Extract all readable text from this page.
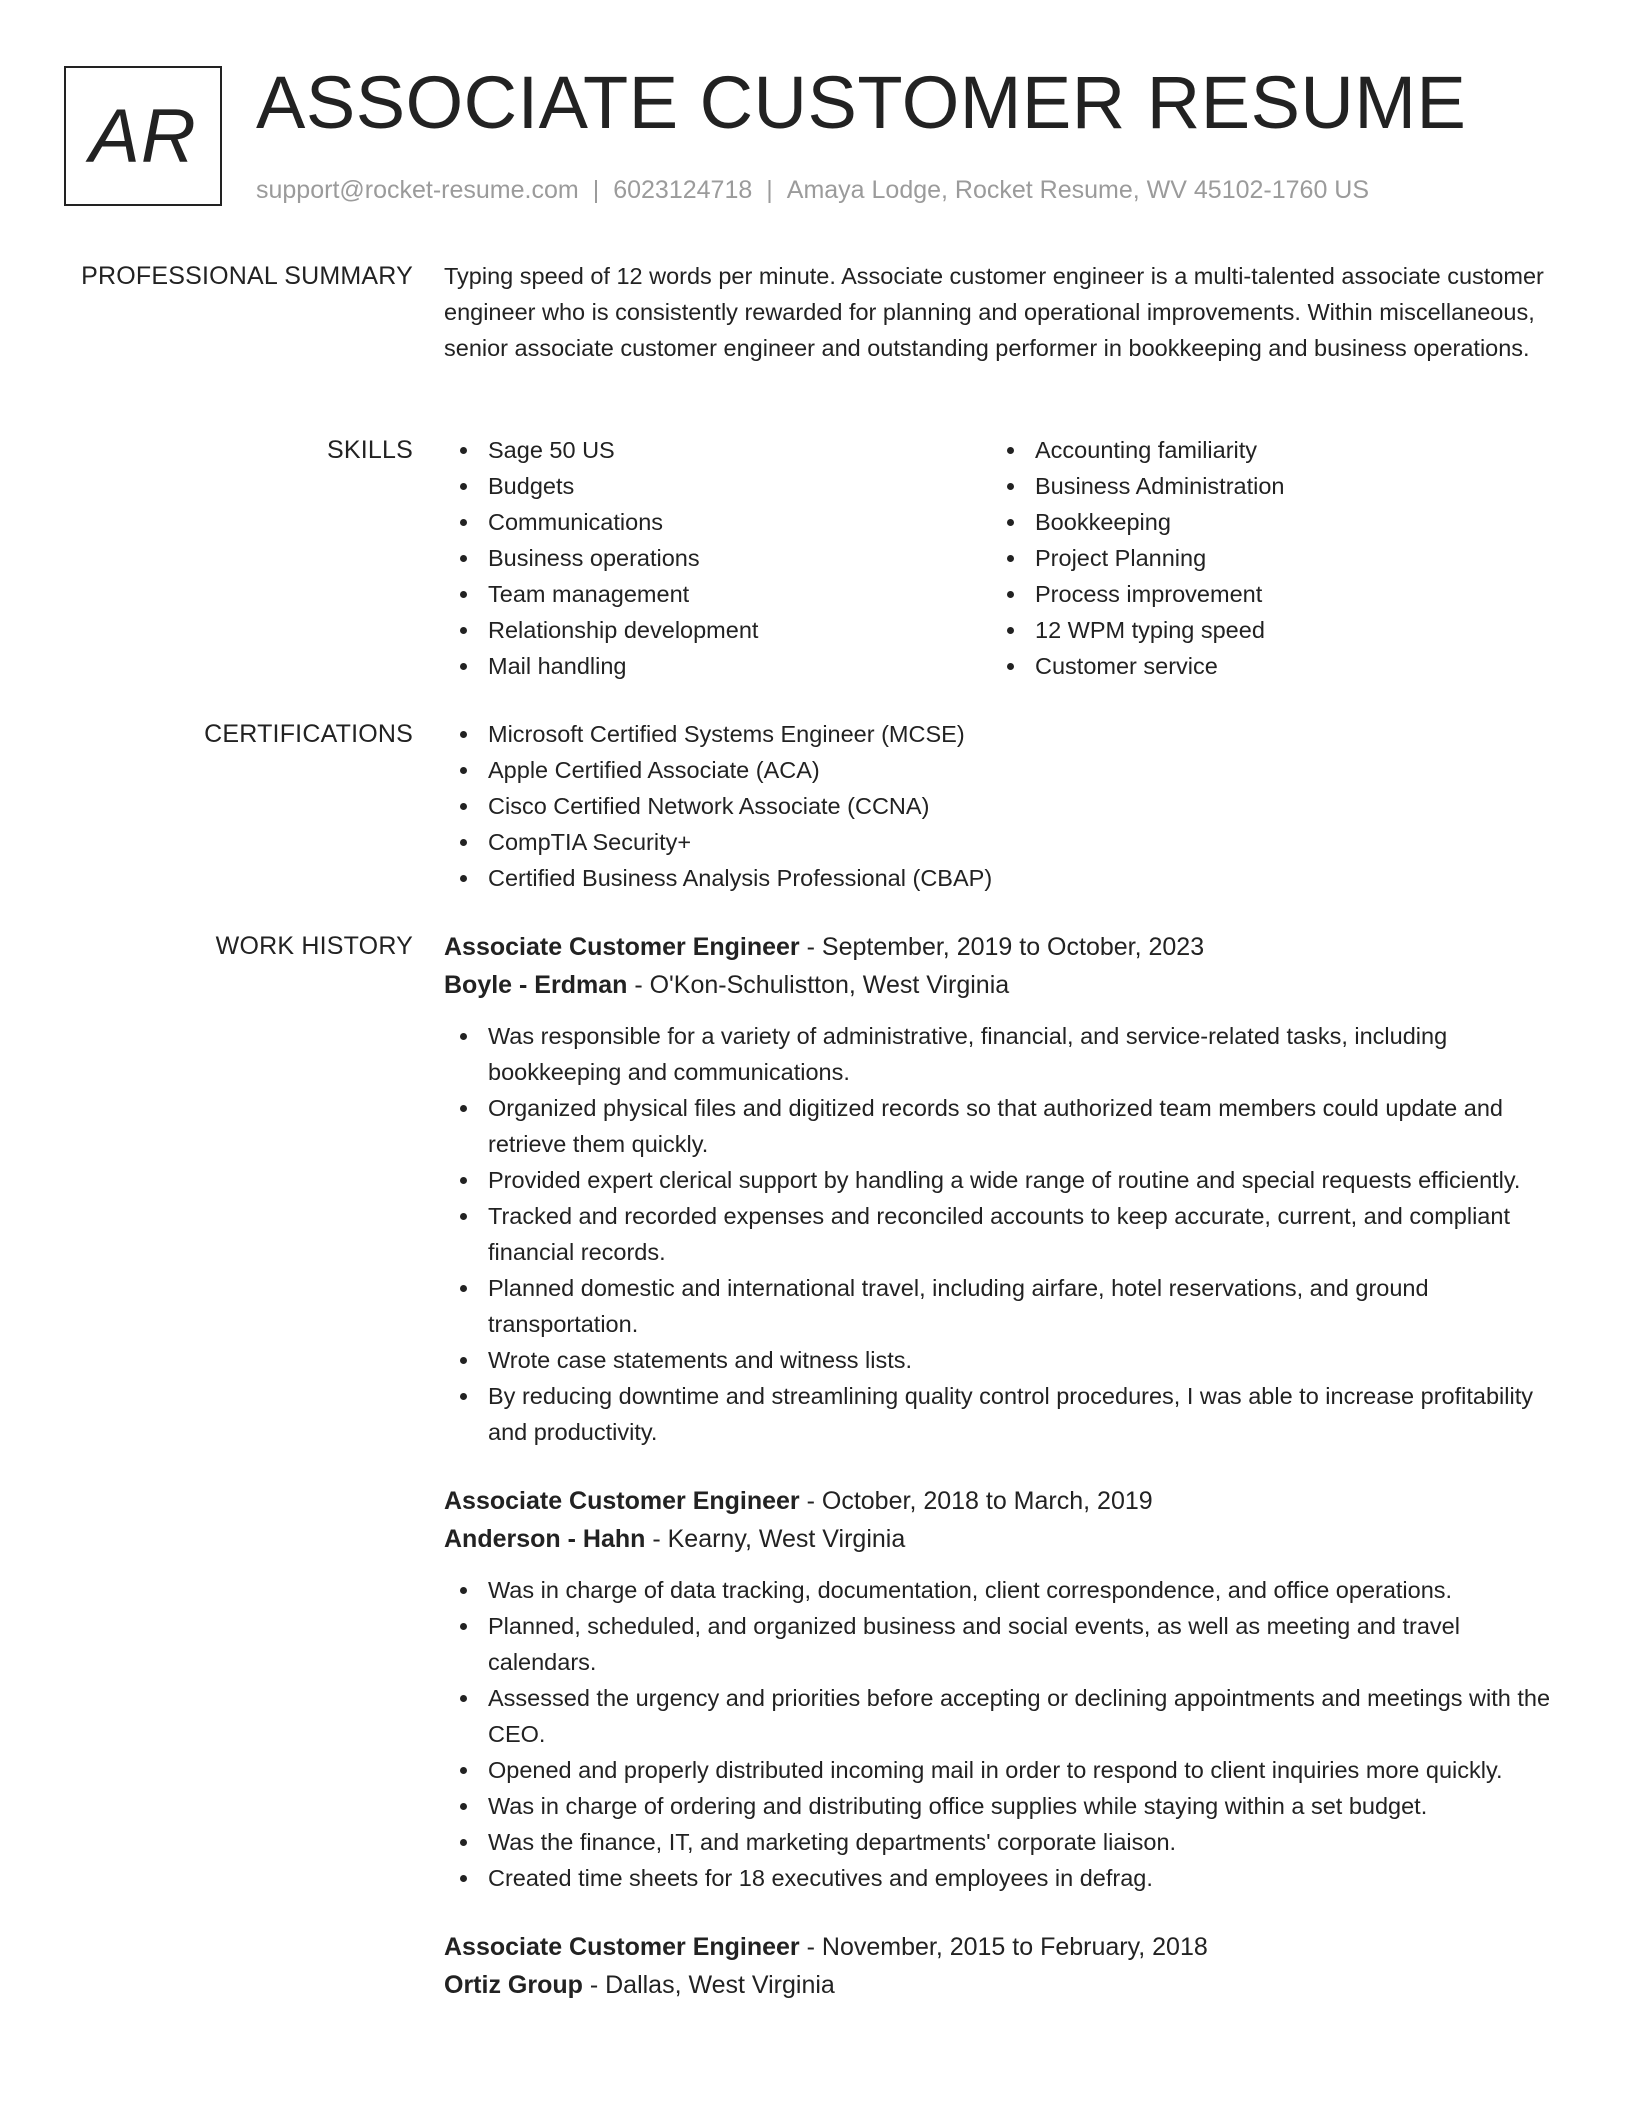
AR ASSOCIATE CUSTOMER RESUME
support@rocket-resume.com | 6023124718 | Amaya Lodge, Rocket Resume, WV 45102-1760 US
PROFESSIONAL SUMMARY Typing speed of 12 words per minute. Associate customer engineer is a multi-talented associate customer engineer who is consistently rewarded for planning and operational improvements. Within miscellaneous, senior associate customer engineer and outstanding performer in bookkeeping and business operations.
SKILLS	Sage 50 US
Budgets
Communications
Business operations
Team management
Relationship development
Mail handling
Accounting familiarity
Business Administration
Bookkeeping
Project Planning
Process improvement
12 WPM typing speed
Customer service
CERTIFICATIONS	Microsoft Certified Systems Engineer (MCSE)
Apple Certified Associate (ACA)
Cisco Certified Network Associate (CCNA)
CompTIA Security+
Certified Business Analysis Professional (CBAP)
WORK HISTORY Associate Customer Engineer - September, 2019 to October, 2023
Boyle - Erdman - O'Kon-Schulistton, West Virginia
Was responsible for a variety of administrative, financial, and service-related tasks, including bookkeeping and communications.
Organized physical files and digitized records so that authorized team members could update and retrieve them quickly.
Provided expert clerical support by handling a wide range of routine and special requests efficiently.
Tracked and recorded expenses and reconciled accounts to keep accurate, current, and compliant financial records.
Planned domestic and international travel, including airfare, hotel reservations, and ground transportation.
Wrote case statements and witness lists.
By reducing downtime and streamlining quality control procedures, I was able to increase profitability and productivity.
Associate Customer Engineer - October, 2018 to March, 2019
Anderson - Hahn - Kearny, West Virginia
Was in charge of data tracking, documentation, client correspondence, and office operations.
Planned, scheduled, and organized business and social events, as well as meeting and travel calendars.
Assessed the urgency and priorities before accepting or declining appointments and meetings with the CEO.
Opened and properly distributed incoming mail in order to respond to client inquiries more quickly.
Was in charge of ordering and distributing office supplies while staying within a set budget.
Was the finance, IT, and marketing departments' corporate liaison.
Created time sheets for 18 executives and employees in defrag.
Associate Customer Engineer - November, 2015 to February, 2018
Ortiz Group - Dallas, West Virginia
